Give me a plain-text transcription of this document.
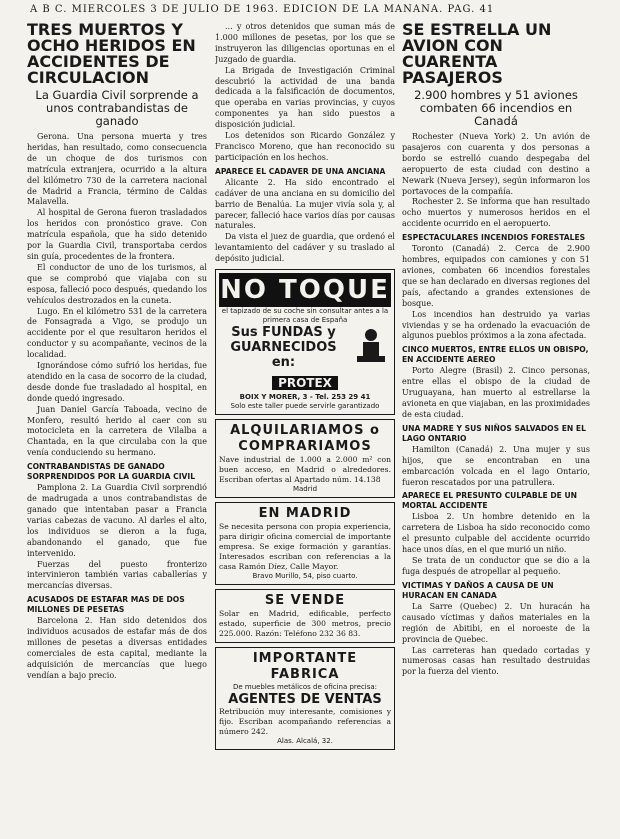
A B C. MIERCOLES 3 DE JULIO DE 1963. EDICION DE LA MAÑANA. PAG. 41
TRES MUERTOS Y OCHO HERIDOS EN ACCIDENTES DE CIRCULACION
La Guardia Civil sorprende a unos contrabandistas de ganado

Gerona. Una persona muerta y tres heridas, han resultado, como consecuencia de un choque de dos turismos con matrícula extranjera, ocurrido a la altura del kilómetro 730 de la carretera nacional de Madrid a Francia, término de Caldas Malavella.

Al hospital de Gerona fueron trasladados los heridos con pronóstico grave. Con matrícula española, que ha sido detenido por la Guardia Civil, transportaba cerdos sin guía, procedentes de la frontera.

El conductor de uno de los turismos, al que se comprobó que viajaba con su esposa, falleció poco después, quedando los vehículos destrozados en la cuneta.

Lugo. En el kilómetro 531 de la carretera de Fonsagrada a Vigo, se produjo un accidente por el que resultaron heridos el conductor y su acompañante, vecinos de la localidad.

Ignorándose cómo sufrió los heridas, fue atendido en la casa de socorro de la ciudad, desde donde fue trasladado al hospital, en donde quedó ingresado.

Juan Daniel García Taboada, vecino de Monfero, resultó herido al caer con su motocicleta en la carretera de Vilalba a Chantada, en la que circulaba con la que venía conduciendo su hermano.

CONTRABANDISTAS DE GANADO SORPRENDIDOS POR LA GUARDIA CIVIL

Pamplona 2. La Guardia Civil sorprendió de madrugada a unos contrabandistas de ganado que intentaban pasar a Francia varias cabezas de vacuno. Al darles el alto, los individuos se dieron a la fuga, abandonando el ganado, que fue intervenido.

Fuerzas del puesto fronterizo intervinieron también varias caballerías y mercancías diversas.

ACUSADOS DE ESTAFAR MAS DE DOS MILLONES DE PESETAS

Barcelona 2. Han sido detenidos dos individuos acusados de estafar más de dos millones de pesetas a diversas entidades comerciales de esta capital, mediante la adquisición de mercancías que luego vendían a bajo precio.

... y otros detenidos que suman más de 1.000 millones de pesetas, por los que se instruyeron las diligencias oportunas en el Juzgado de guardia.

La Brigada de Investigación Criminal descubrió la actividad de una banda dedicada a la falsificación de documentos, que operaba en varias provincias, y cuyos componentes ya han sido puestos a disposición judicial.

Los detenidos son Ricardo González y Francisco Moreno, que han reconocido su participación en los hechos.

APARECE EL CADAVER DE UNA ANCIANA

Alicante 2. Ha sido encontrado el cadáver de una anciana en su domicilio del barrio de Benalúa. La mujer vivía sola y, al parecer, falleció hace varios días por causas naturales.

Da vista el juez de guardia, que ordenó el levantamiento del cadáver y su traslado al depósito judicial.

NO TOQUE
el tapizado de su coche sin consultar antes a la primera casa de España
Sus FUNDAS y
GUARNECIDOS en:
PROTEX
BOIX Y MORER, 3 - Tel. 253 29 41
Solo este taller puede servirle garantizado
ALQUILARIAMOS o COMPRARIAMOS
Nave industrial de 1.000 a 2.000 m² con buen acceso, en Madrid o alrededores. Escriban ofertas al Apartado núm. 14.138
Madrid
EN MADRID
Se necesita persona con propia experiencia, para dirigir oficina comercial de importante empresa. Se exige formación y garantías. Interesados escriban con referencias a la casa Ramón Díez, Calle Mayor.
Bravo Murillo, 54, piso cuarto.
SE VENDE
Solar en Madrid, edificable, perfecto estado, superficie de 300 metros, precio 225.000. Razón: Teléfono 232 36 83.
IMPORTANTE FABRICA
De muebles metálicos de oficina precisa:
AGENTES DE VENTAS
Retribución muy interesante, comisiones y fijo. Escriban acompañando referencias a número 242.
Alas. Alcalá, 32.
SE ESTRELLA UN AVION CON CUARENTA PASAJEROS
2.900 hombres y 51 aviones combaten 66 incendios en Canadá

Rochester (Nueva York) 2. Un avión de pasajeros con cuarenta y dos personas a bordo se estrelló cuando despegaba del aeropuerto de esta ciudad con destino a Newark (Nueva Jersey), según informaron los portavoces de la compañía.

Rochester 2. Se informa que han resultado ocho muertos y numerosos heridos en el accidente ocurrido en el aeropuerto.

ESPECTACULARES INCENDIOS FORESTALES

Toronto (Canadá) 2. Cerca de 2.900 hombres, equipados con camiones y con 51 aviones, combaten 66 incendios forestales que se han declarado en diversas regiones del país, afectando a grandes extensiones de bosque.

Los incendios han destruido ya varias viviendas y se ha ordenado la evacuación de algunos pueblos próximos a la zona afectada.

CINCO MUERTOS, ENTRE ELLOS UN OBISPO, EN ACCIDENTE AEREO

Porto Alegre (Brasil) 2. Cinco personas, entre ellas el obispo de la ciudad de Uruguayana, han muerto al estrellarse la avioneta en que viajaban, en las proximidades de esta ciudad.

UNA MADRE Y SUS NIÑOS SALVADOS EN EL LAGO ONTARIO

Hamilton (Canadá) 2. Una mujer y sus hijos, que se encontraban en una embarcación volcada en el lago Ontario, fueron rescatados por una patrullera.

APARECE EL PRESUNTO CULPABLE DE UN MORTAL ACCIDENTE

Lisboa 2. Un hombre detenido en la carretera de Lisboa ha sido reconocido como el presunto culpable del accidente ocurrido hace unos días, en el que murió un niño.

Se trata de un conductor que se dio a la fuga después de atropellar al pequeño.

VICTIMAS Y DAÑOS A CAUSA DE UN HURACAN EN CANADA

La Sarre (Quebec) 2. Un huracán ha causado víctimas y daños materiales en la región de Abitibi, en el noroeste de la provincia de Quebec.

Las carreteras han quedado cortadas y numerosas casas han resultado destruidas por la fuerza del viento.
